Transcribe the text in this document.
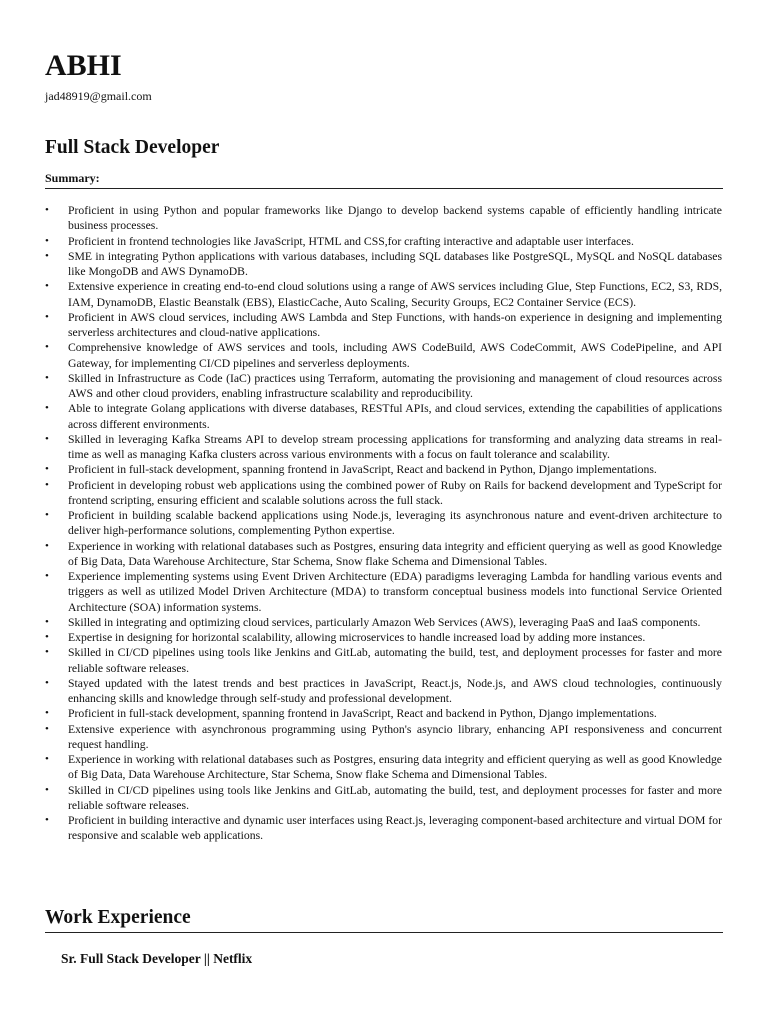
ABHI
jad48919@gmail.com
Full Stack Developer
Summary:
• Proficient in using Python and popular frameworks like Django to develop backend systems capable of efficiently handling intricate business processes.
• Proficient in frontend technologies like JavaScript, HTML and CSS,for crafting interactive and adaptable user interfaces.
• SME in integrating Python applications with various databases, including SQL databases like PostgreSQL, MySQL and NoSQL databases like MongoDB and AWS DynamoDB.
• Extensive experience in creating end-to-end cloud solutions using a range of AWS services including Glue, Step Functions, EC2, S3, RDS, IAM, DynamoDB, Elastic Beanstalk (EBS), ElasticCache, Auto Scaling, Security Groups, EC2 Container Service (ECS).
• Proficient in AWS cloud services, including AWS Lambda and Step Functions, with hands-on experience in designing and implementing serverless architectures and cloud-native applications.
• Comprehensive knowledge of AWS services and tools, including AWS CodeBuild, AWS CodeCommit, AWS CodePipeline, and API Gateway, for implementing CI/CD pipelines and serverless deployments.
• Skilled in Infrastructure as Code (IaC) practices using Terraform, automating the provisioning and management of cloud resources across AWS and other cloud providers, enabling infrastructure scalability and reproducibility.
• Able to integrate Golang applications with diverse databases, RESTful APIs, and cloud services, extending the capabilities of applications across different environments.
• Skilled in leveraging Kafka Streams API to develop stream processing applications for transforming and analyzing data streams in real-time as well as managing Kafka clusters across various environments with a focus on fault tolerance and scalability.
• Proficient in full-stack development, spanning frontend in JavaScript, React and backend in Python, Django implementations.
• Proficient in developing robust web applications using the combined power of Ruby on Rails for backend development and TypeScript for frontend scripting, ensuring efficient and scalable solutions across the full stack.
• Proficient in building scalable backend applications using Node.js, leveraging its asynchronous nature and event-driven architecture to deliver high-performance solutions, complementing Python expertise.
• Experience in working with relational databases such as Postgres, ensuring data integrity and efficient querying as well as good Knowledge of Big Data, Data Warehouse Architecture, Star Schema, Snow flake Schema and Dimensional Tables.
• Experience implementing systems using Event Driven Architecture (EDA) paradigms leveraging Lambda for handling various events and triggers as well as utilized Model Driven Architecture (MDA) to transform conceptual business models into functional Service Oriented Architecture (SOA) information systems.
• Skilled in integrating and optimizing cloud services, particularly Amazon Web Services (AWS), leveraging PaaS and IaaS components.
• Expertise in designing for horizontal scalability, allowing microservices to handle increased load by adding more instances.
• Skilled in CI/CD pipelines using tools like Jenkins and GitLab, automating the build, test, and deployment processes for faster and more reliable software releases.
• Stayed updated with the latest trends and best practices in JavaScript, React.js, Node.js, and AWS cloud technologies, continuously enhancing skills and knowledge through self-study and professional development.
• Proficient in full-stack development, spanning frontend in JavaScript, React and backend in Python, Django implementations.
• Extensive experience with asynchronous programming using Python's asyncio library, enhancing API responsiveness and concurrent request handling.
• Experience in working with relational databases such as Postgres, ensuring data integrity and efficient querying as well as good Knowledge of Big Data, Data Warehouse Architecture, Star Schema, Snow flake Schema and Dimensional Tables.
• Skilled in CI/CD pipelines using tools like Jenkins and GitLab, automating the build, test, and deployment processes for faster and more reliable software releases.
• Proficient in building interactive and dynamic user interfaces using React.js, leveraging component-based architecture and virtual DOM for responsive and scalable web applications.
Work Experience
Sr. Full Stack Developer || Netflix
